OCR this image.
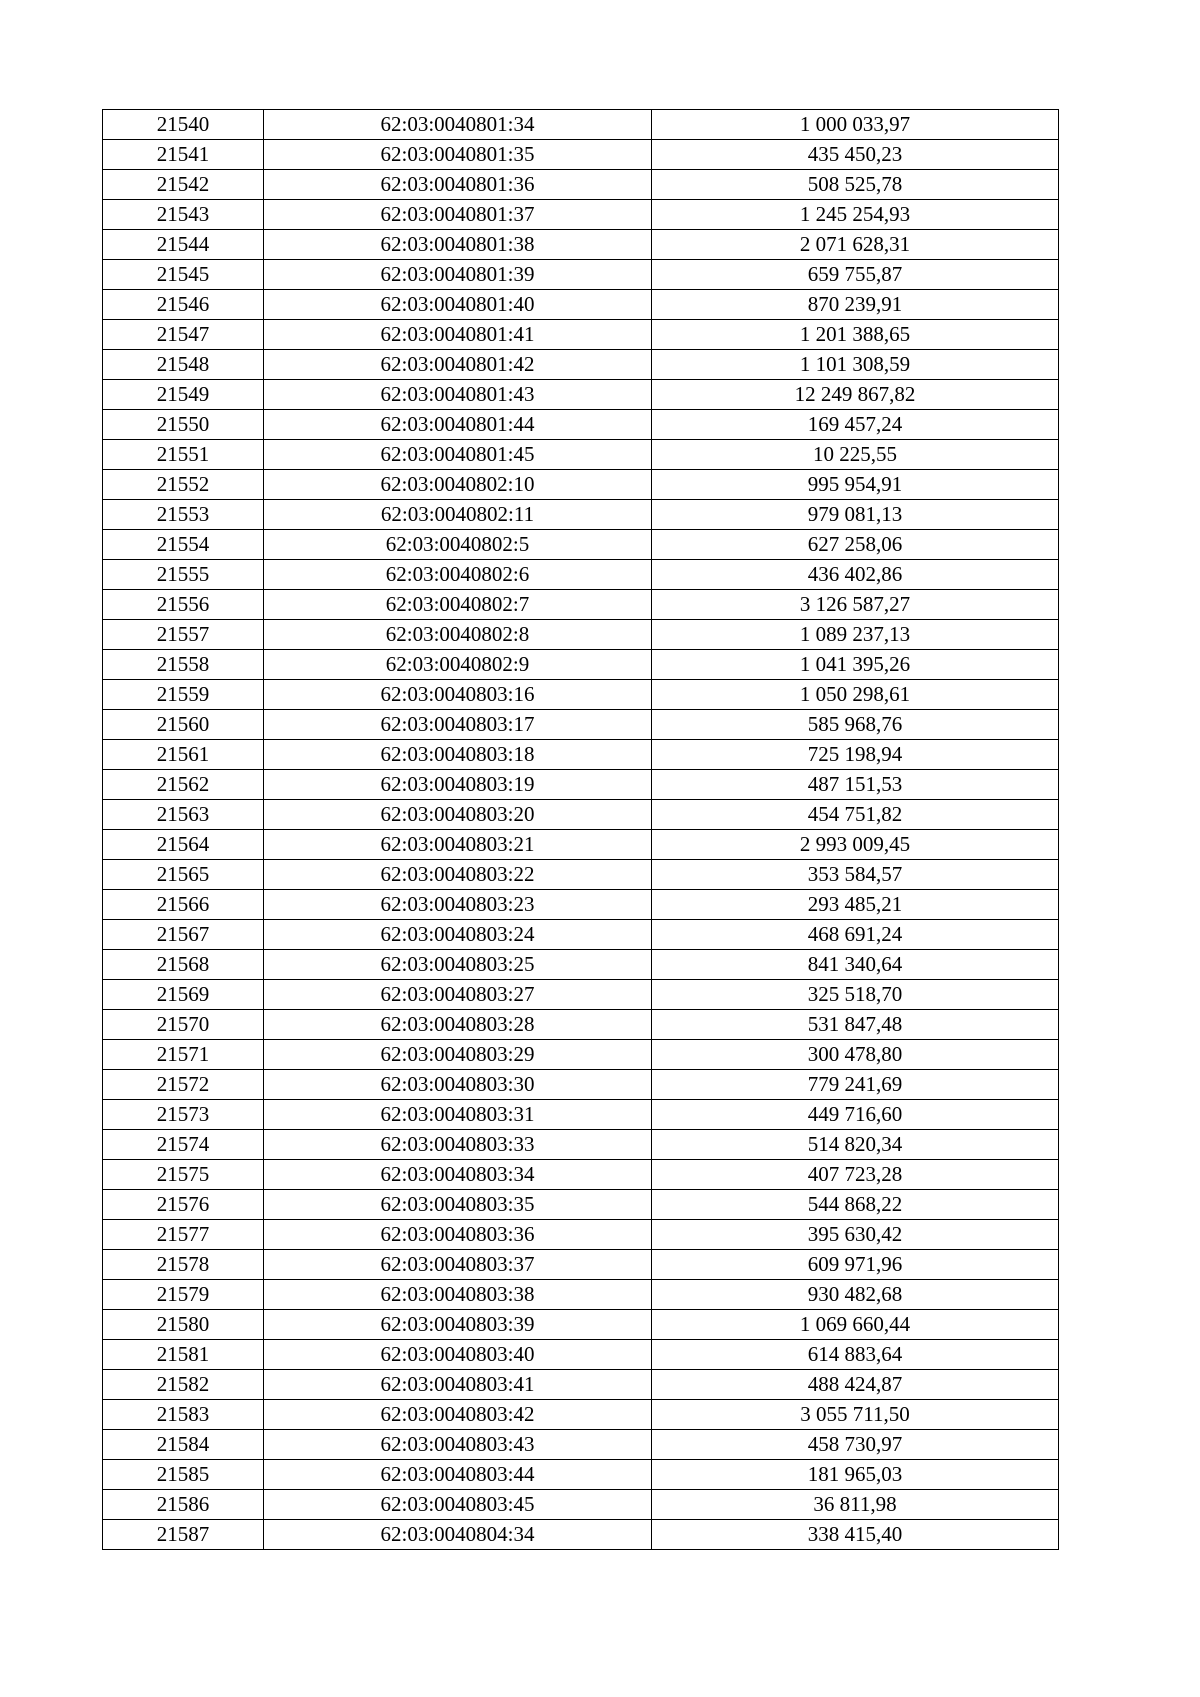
21540	62:03:0040801:34	1 000 033,97
21541	62:03:0040801:35	435 450,23
21542	62:03:0040801:36	508 525,78
21543	62:03:0040801:37	1 245 254,93
21544	62:03:0040801:38	2 071 628,31
21545	62:03:0040801:39	659 755,87
21546	62:03:0040801:40	870 239,91
21547	62:03:0040801:41	1 201 388,65
21548	62:03:0040801:42	1 101 308,59
21549	62:03:0040801:43	12 249 867,82
21550	62:03:0040801:44	169 457,24
21551	62:03:0040801:45	10 225,55
21552	62:03:0040802:10	995 954,91
21553	62:03:0040802:11	979 081,13
21554	62:03:0040802:5	627 258,06
21555	62:03:0040802:6	436 402,86
21556	62:03:0040802:7	3 126 587,27
21557	62:03:0040802:8	1 089 237,13
21558	62:03:0040802:9	1 041 395,26
21559	62:03:0040803:16	1 050 298,61
21560	62:03:0040803:17	585 968,76
21561	62:03:0040803:18	725 198,94
21562	62:03:0040803:19	487 151,53
21563	62:03:0040803:20	454 751,82
21564	62:03:0040803:21	2 993 009,45
21565	62:03:0040803:22	353 584,57
21566	62:03:0040803:23	293 485,21
21567	62:03:0040803:24	468 691,24
21568	62:03:0040803:25	841 340,64
21569	62:03:0040803:27	325 518,70
21570	62:03:0040803:28	531 847,48
21571	62:03:0040803:29	300 478,80
21572	62:03:0040803:30	779 241,69
21573	62:03:0040803:31	449 716,60
21574	62:03:0040803:33	514 820,34
21575	62:03:0040803:34	407 723,28
21576	62:03:0040803:35	544 868,22
21577	62:03:0040803:36	395 630,42
21578	62:03:0040803:37	609 971,96
21579	62:03:0040803:38	930 482,68
21580	62:03:0040803:39	1 069 660,44
21581	62:03:0040803:40	614 883,64
21582	62:03:0040803:41	488 424,87
21583	62:03:0040803:42	3 055 711,50
21584	62:03:0040803:43	458 730,97
21585	62:03:0040803:44	181 965,03
21586	62:03:0040803:45	36 811,98
21587	62:03:0040804:34	338 415,40
